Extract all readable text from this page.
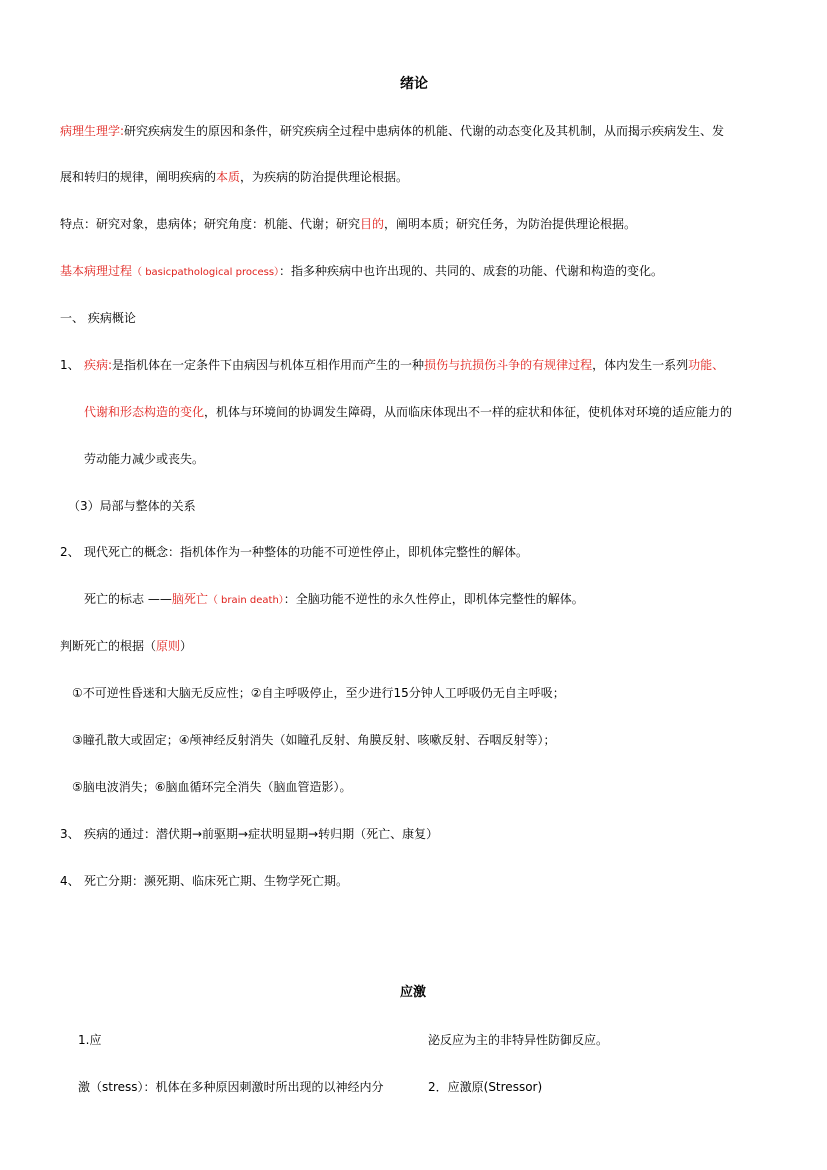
绪论
病理生理学:研究疾病发生的原因和条件，研究疾病全过程中患病体的机能、代谢的动态变化及其机制，从而揭示疾病发生、发
展和转归的规律，阐明疾病的本质，为疾病的防治提供理论根据。
特点：研究对象，患病体；研究角度：机能、代谢；研究目的，阐明本质；研究任务，为防治提供理论根据。
基本病理过程（ basicpathological process）：指多种疾病中也许出现的、共同的、成套的功能、代谢和构造的变化。
一、 疾病概论
1、 疾病:是指机体在一定条件下由病因与机体互相作用而产生的一种损伤与抗损伤斗争的有规律过程，体内发生一系列功能、
代谢和形态构造的变化，机体与环境间的协调发生障碍，从而临床体现出不一样的症状和体征，使机体对环境的适应能力的
劳动能力减少或丧失。
（3）局部与整体的关系
2、 现代死亡的概念：指机体作为一种整体的功能不可逆性停止，即机体完整性的解体。
死亡的标志 ——脑死亡（ brain death）：全脑功能不逆性的永久性停止，即机体完整性的解体。
判断死亡的根据（原则）
①不可逆性昏迷和大脑无反应性；②自主呼吸停止，至少进行15分钟人工呼吸仍无自主呼吸；
③瞳孔散大或固定；④颅神经反射消失（如瞳孔反射、角膜反射、咳嗽反射、吞咽反射等）；
⑤脑电波消失；⑥脑血循环完全消失（脑血管造影）。
3、 疾病的通过：潜伏期→前驱期→症状明显期→转归期（死亡、康复）
4、 死亡分期：濒死期、临床死亡期、生物学死亡期。
应激
1.应	泌反应为主的非特异性防御反应。
激（stress）：机体在多种原因刺激时所出现的以神经内分	2．应激原(Stressor)
